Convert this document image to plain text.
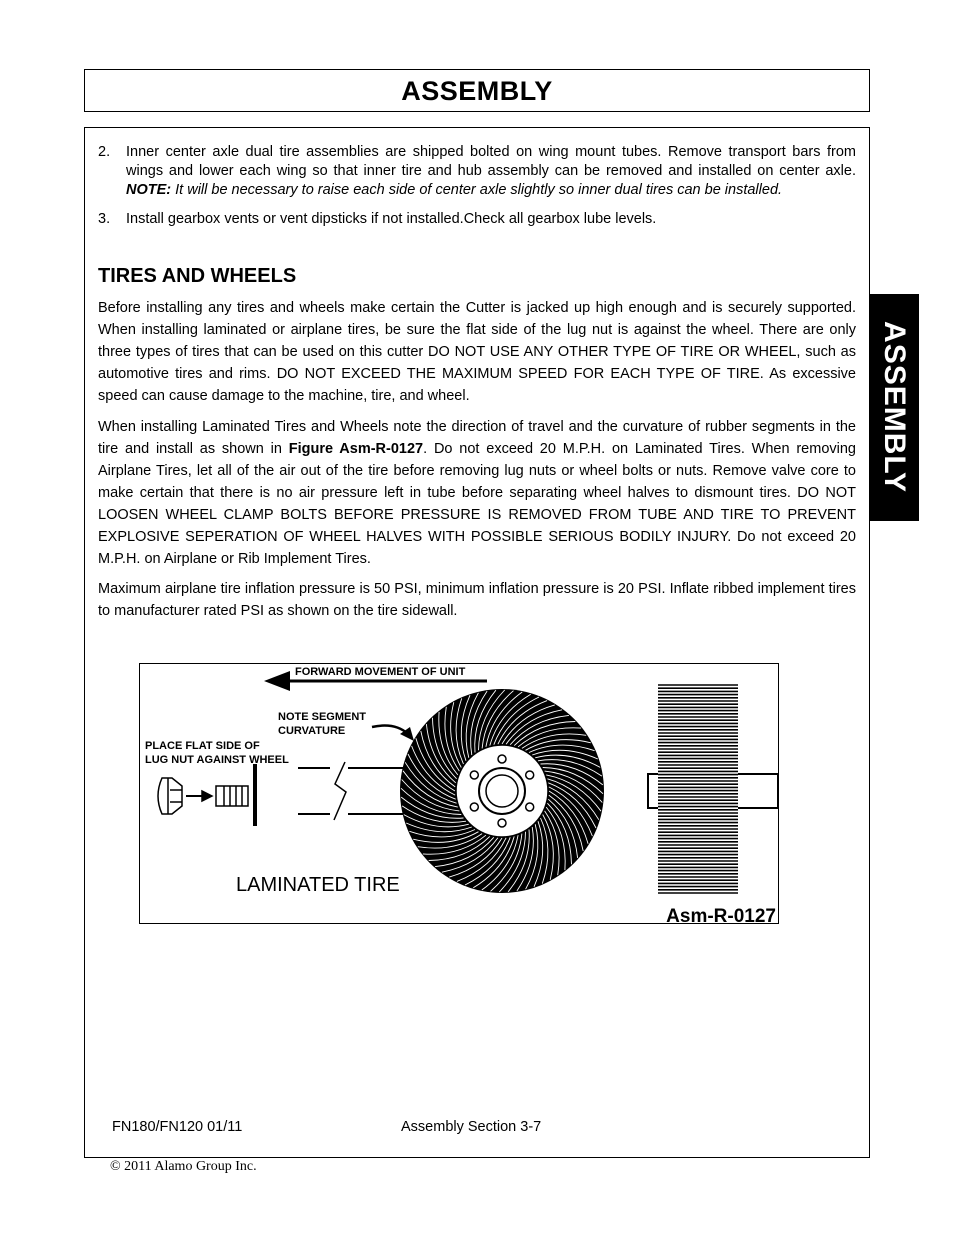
ASSEMBLY
ASSEMBLY
2. Inner center axle dual tire assemblies are shipped bolted on wing mount tubes. Remove transport bars from wings and lower each wing so that inner tire and hub assembly can be removed and installed on center axle. NOTE: It will be necessary to raise each side of center axle slightly so inner dual tires can be installed.
3. Install gearbox vents or vent dipsticks if not installed.Check all gearbox lube levels.
TIRES AND WHEELS

Before installing any tires and wheels make certain the Cutter is jacked up high enough and is securely supported. When installing laminated or airplane tires, be sure the flat side of the lug nut is against the wheel. There are only three types of tires that can be used on this cutter DO NOT USE ANY OTHER TYPE OF TIRE OR WHEEL, such as automotive tires and rims. DO NOT EXCEED THE MAXIMUM SPEED FOR EACH TYPE OF TIRE. As excessive speed can cause damage to the machine, tire, and wheel.

When installing Laminated Tires and Wheels note the direction of travel and the curvature of rubber segments in the tire and install as shown in Figure Asm-R-0127. Do not exceed 20 M.P.H. on Laminated Tires. When removing Airplane Tires, let all of the air out of the tire before removing lug nuts or wheel bolts or nuts. Remove valve core to make certain that there is no air pressure left in tube before separating wheel halves to dismount tires. DO NOT LOOSEN WHEEL CLAMP BOLTS BEFORE PRESSURE IS REMOVED FROM TUBE AND TIRE TO PREVENT EXPLOSIVE SEPERATION OF WHEEL HALVES WITH POSSIBLE SERIOUS BODILY INJURY. Do not exceed 20 M.P.H. on Airplane or Rib Implement Tires.

Maximum airplane tire inflation pressure is 50 PSI, minimum inflation pressure is 20 PSI. Inflate ribbed implement tires to manufacturer rated PSI as shown on the tire sidewall.

FORWARD MOVEMENT OF UNIT
NOTE SEGMENT
CURVATURE
PLACE FLAT SIDE OF
LUG NUT AGAINST WHEEL
LAMINATED TIRE
Asm-R-0127
FN180/FN120 01/11	Assembly Section 3-7
© 2011 Alamo Group Inc.
